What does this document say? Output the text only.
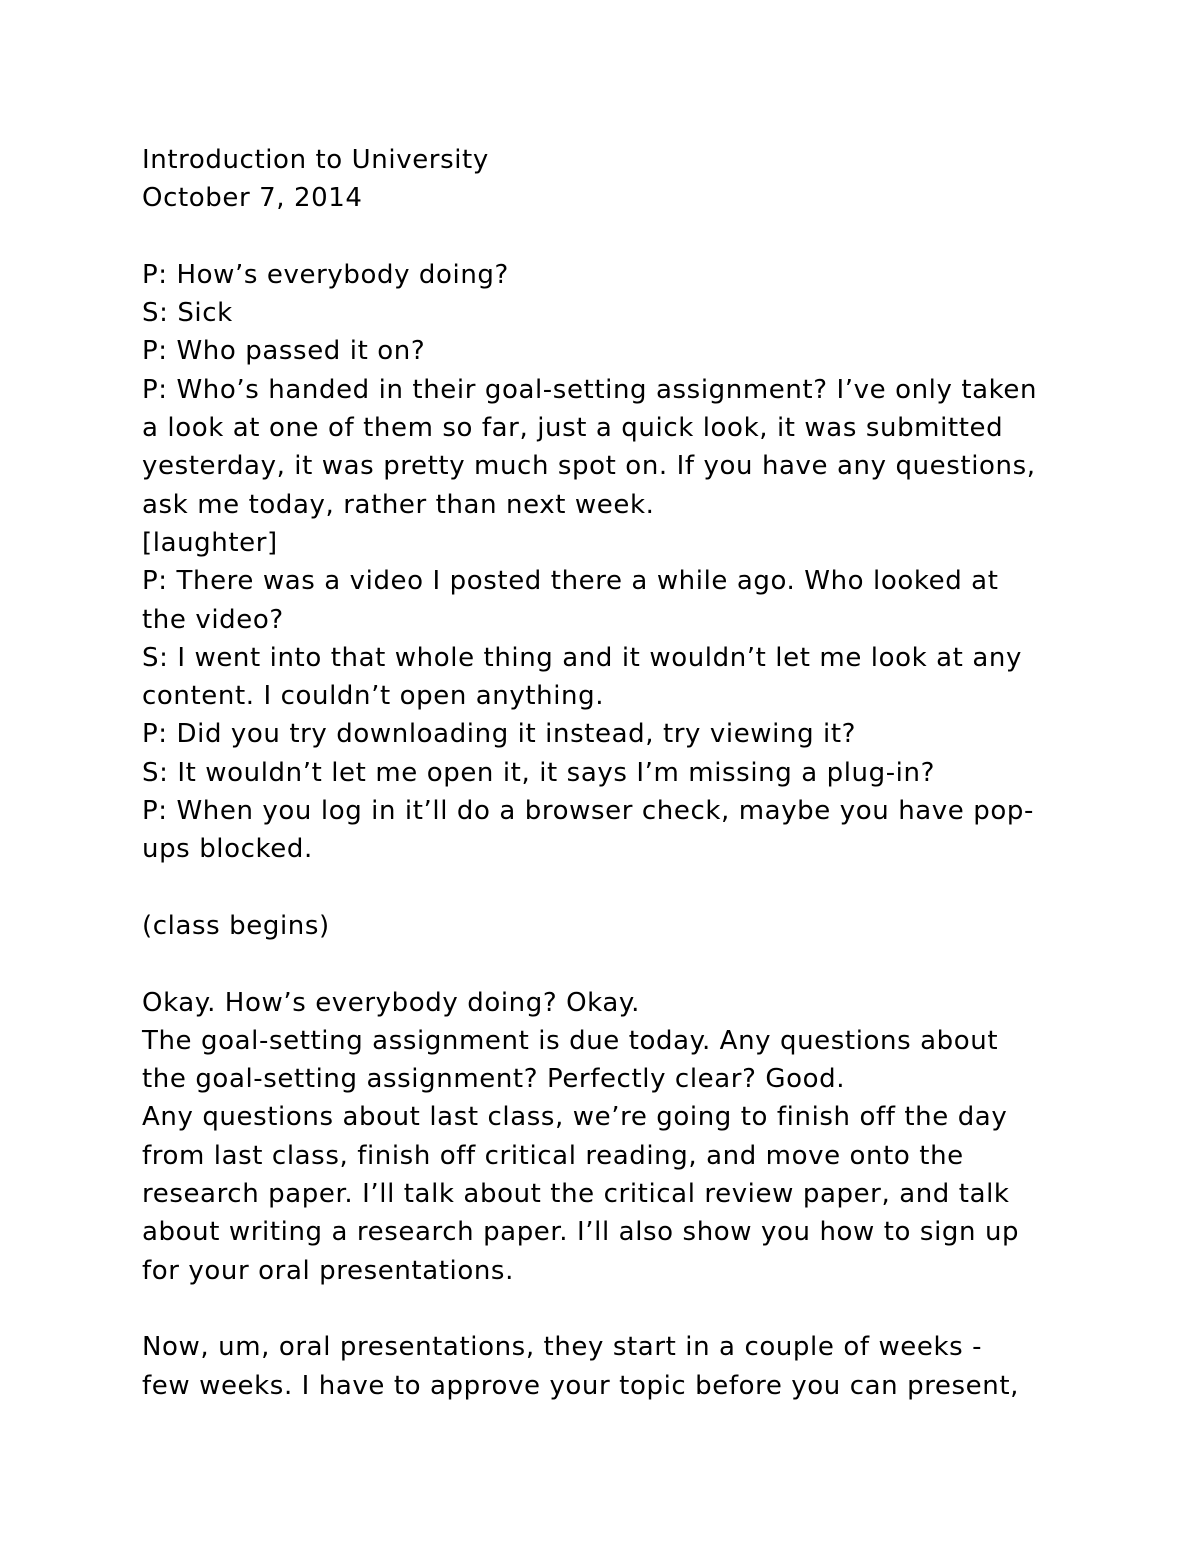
Introduction to University
October 7, 2014
P: How’s everybody doing?
S: Sick
P: Who passed it on?
P: Who’s handed in their goal-setting assignment? I’ve only taken
a look at one of them so far, just a quick look, it was submitted
yesterday, it was pretty much spot on. If you have any questions,
ask me today, rather than next week.
[laughter]
P: There was a video I posted there a while ago. Who looked at
the video?
S: I went into that whole thing and it wouldn’t let me look at any
content. I couldn’t open anything.
P: Did you try downloading it instead, try viewing it?
S: It wouldn’t let me open it, it says I’m missing a plug-in?
P: When you log in it’ll do a browser check, maybe you have pop-
ups blocked.
(class begins)
Okay. How’s everybody doing? Okay.
The goal-setting assignment is due today. Any questions about
the goal-setting assignment? Perfectly clear? Good.
Any questions about last class, we’re going to finish off the day
from last class, finish off critical reading, and move onto the
research paper. I’ll talk about the critical review paper, and talk
about writing a research paper. I’ll also show you how to sign up
for your oral presentations.
Now, um, oral presentations, they start in a couple of weeks -
few weeks. I have to approve your topic before you can present,
